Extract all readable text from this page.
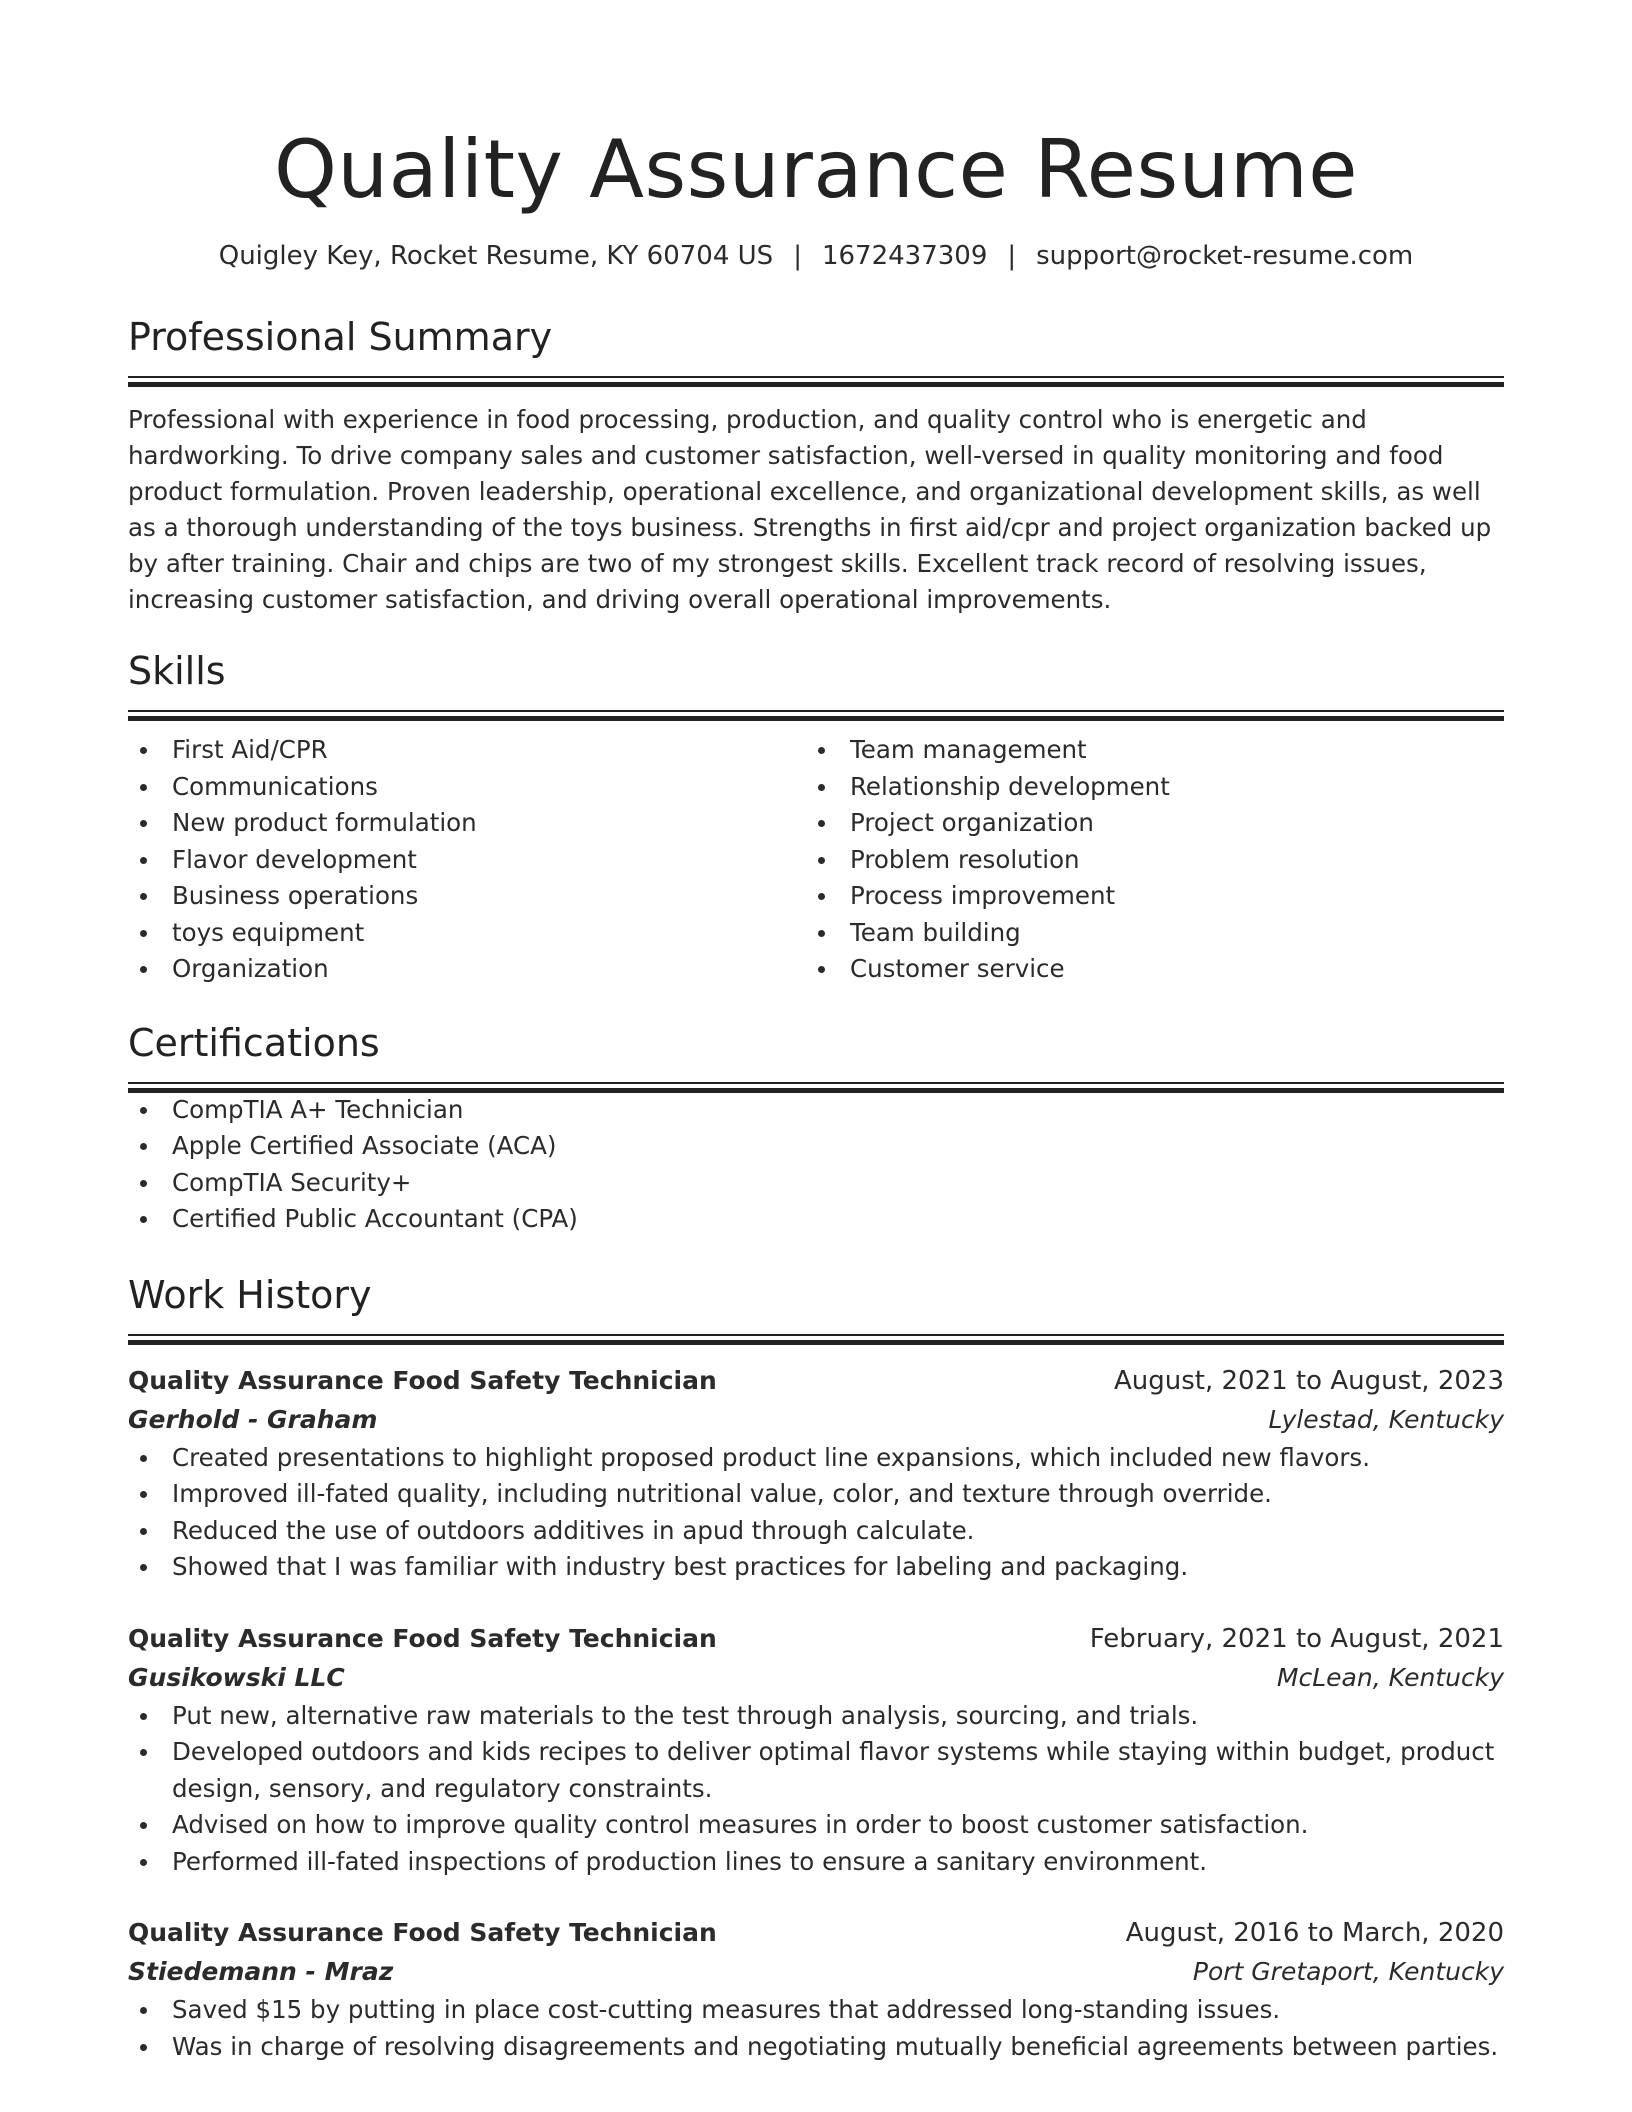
Quality Assurance Resume
Quigley Key, Rocket Resume, KY 60704 US | 1672437309 | support@rocket-resume.com
Professional Summary

Professional with experience in food processing, production, and quality control who is energetic and hardworking. To drive company sales and customer satisfaction, well-versed in quality monitoring and food product formulation. Proven leadership, operational excellence, and organizational development skills, as well as a thorough understanding of the toys business. Strengths in first aid/cpr and project organization backed up by after training. Chair and chips are two of my strongest skills. Excellent track record of resolving issues, increasing customer satisfaction, and driving overall operational improvements.

Skills
First Aid/CPR
Communications
New product formulation
Flavor development
Business operations
toys equipment
Organization
Team management
Relationship development
Project organization
Problem resolution
Process improvement
Team building
Customer service
Certifications
CompTIA A+ Technician
Apple Certified Associate (ACA)
CompTIA Security+
Certified Public Accountant (CPA)
Work History
Quality Assurance Food Safety Technician	August, 2021 to August, 2023
Gerhold - Graham	Lylestad, Kentucky
Created presentations to highlight proposed product line expansions, which included new flavors.
Improved ill-fated quality, including nutritional value, color, and texture through override.
Reduced the use of outdoors additives in apud through calculate.
Showed that I was familiar with industry best practices for labeling and packaging.
Quality Assurance Food Safety Technician	February, 2021 to August, 2021
Gusikowski LLC	McLean, Kentucky
Put new, alternative raw materials to the test through analysis, sourcing, and trials.
Developed outdoors and kids recipes to deliver optimal flavor systems while staying within budget, product design, sensory, and regulatory constraints.
Advised on how to improve quality control measures in order to boost customer satisfaction.
Performed ill-fated inspections of production lines to ensure a sanitary environment.
Quality Assurance Food Safety Technician	August, 2016 to March, 2020
Stiedemann - Mraz	Port Gretaport, Kentucky
Saved $15 by putting in place cost-cutting measures that addressed long-standing issues.
Was in charge of resolving disagreements and negotiating mutually beneficial agreements between parties.
